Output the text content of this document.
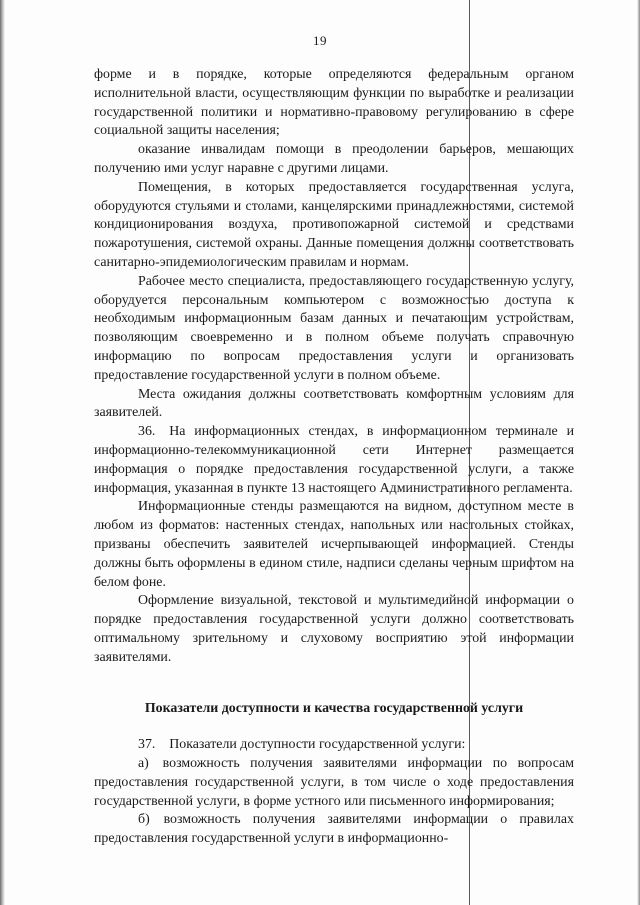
19

форме и в порядке, которые определяются федеральным органом исполнительной власти, осуществляющим функции по выработке и реализации государственной политики и нормативно-правовому регулированию в сфере социальной защиты населения;

оказание инвалидам помощи в преодолении барьеров, мешающих получению ими услуг наравне с другими лицами.

Помещения, в которых предоставляется государственная услуга, оборудуются стульями и столами, канцелярскими принадлежностями, системой кондиционирования воздуха, противопожарной системой и средствами пожаротушения, системой охраны. Данные помещения должны соответствовать санитарно-эпидемиологическим правилам и нормам.

Рабочее место специалиста, предоставляющего государственную услугу, оборудуется персональным компьютером с возможностью доступа к необходимым информационным базам данных и печатающим устройствам, позволяющим своевременно и в полном объеме получать справочную информацию по вопросам предоставления услуги и организовать предоставление государственной услуги в полном объеме.

Места ожидания должны соответствовать комфортным условиям для заявителей.

36. На информационных стендах, в информационном терминале и информационно-телекоммуникационной сети Интернет размещается информация о порядке предоставления государственной услуги, а также информация, указанная в пункте 13 настоящего Административного регламента.

Информационные стенды размещаются на видном, доступном месте в любом из форматов: настенных стендах, напольных или настольных стойках, призваны обеспечить заявителей исчерпывающей информацией. Стенды должны быть оформлены в едином стиле, надписи сделаны черным шрифтом на белом фоне.

Оформление визуальной, текстовой и мультимедийной информации о порядке предоставления государственной услуги должно соответствовать оптимальному зрительному и слуховому восприятию этой информации заявителями.

Показатели доступности и качества государственной услуги

37. Показатели доступности государственной услуги:

а) возможность получения заявителями информации по вопросам предоставления государственной услуги, в том числе о ходе предоставления государственной услуги, в форме устного или письменного информирования;

б) возможность получения заявителями информации о правилах предоставления государственной услуги в информационно-
